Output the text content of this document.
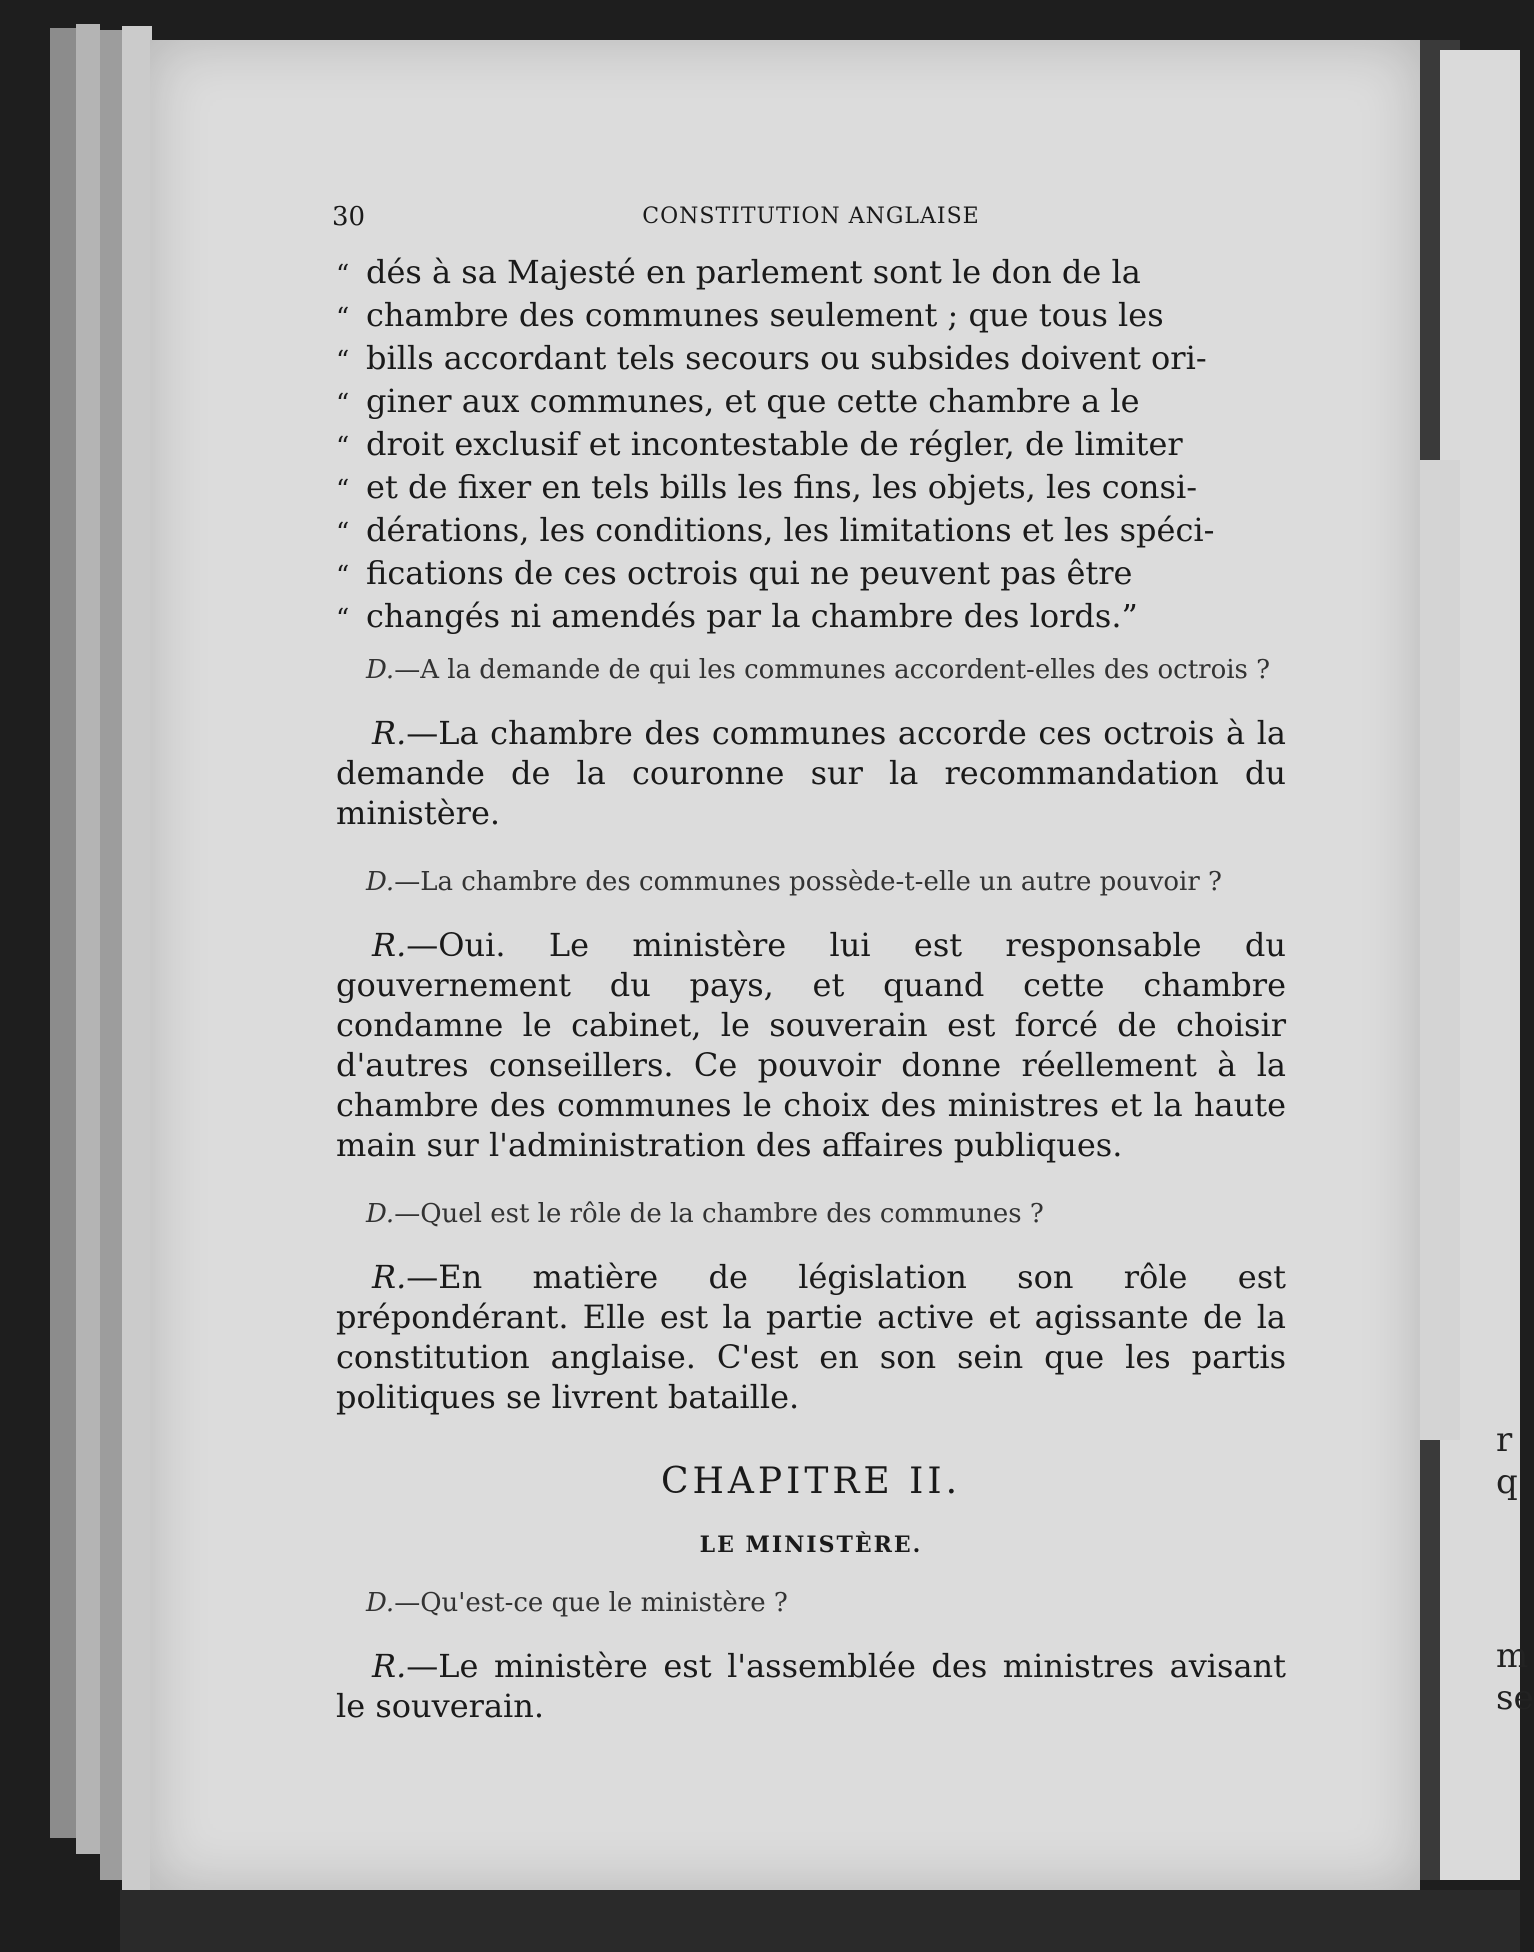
r
q
m
se
30	CONSTITUTION ANGLAISE
“ dés à sa Majesté en parlement sont le don de la
“ chambre des communes seulement ; que tous les
“ bills accordant tels secours ou subsides doivent ori-
“ giner aux communes, et que cette chambre a le
“ droit exclusif et incontestable de régler, de limiter
“ et de fixer en tels bills les fins, les objets, les consi-
“ dérations, les conditions, les limitations et les spéci-
“ fications de ces octrois qui ne peuvent pas être
“ changés ni amendés par la chambre des lords.”

D.—A la demande de qui les communes accordent-elles des octrois ?

R.—La chambre des communes accorde ces octrois à la demande de la couronne sur la recommandation du ministère.

D.—La chambre des communes possède-t-elle un autre pouvoir ?

R.—Oui. Le ministère lui est responsable du gouvernement du pays, et quand cette chambre condamne le cabinet, le souverain est forcé de choisir d'autres conseillers. Ce pouvoir donne réellement à la chambre des communes le choix des ministres et la haute main sur l'administration des affaires publiques.

D.—Quel est le rôle de la chambre des communes ?

R.—En matière de législation son rôle est prépondérant. Elle est la partie active et agissante de la constitution anglaise. C'est en son sein que les partis politiques se livrent bataille.

CHAPITRE II.
LE MINISTÈRE.

D.—Qu'est-ce que le ministère ?

R.—Le ministère est l'assemblée des ministres avisant le souverain.
